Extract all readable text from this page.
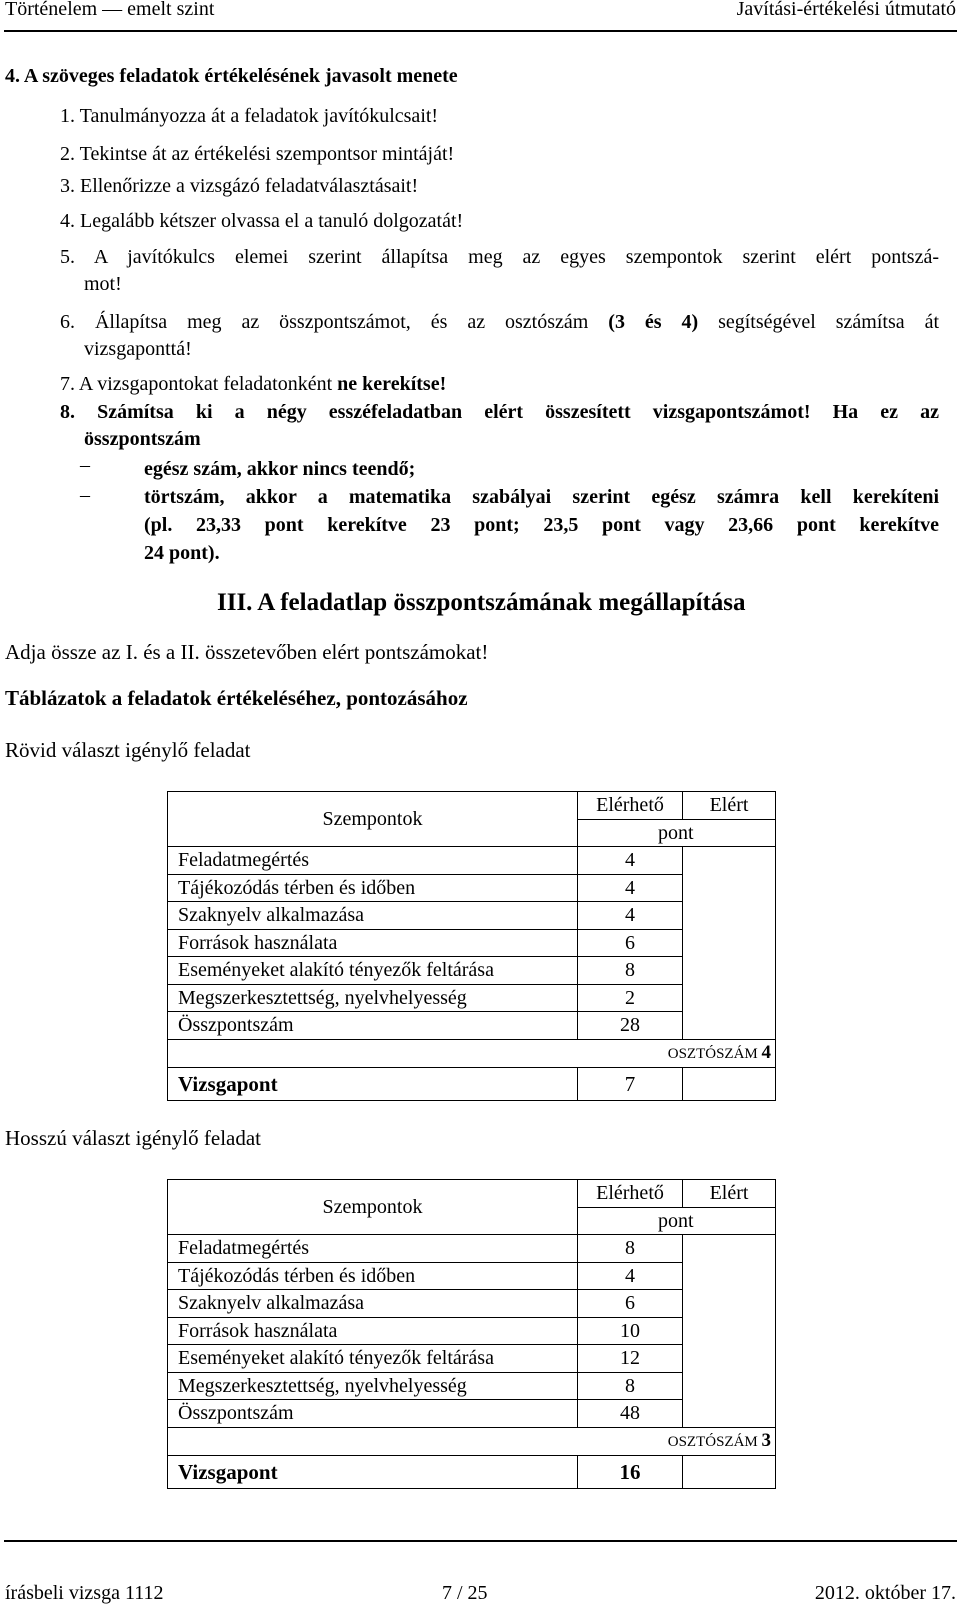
Történelem — emelt szint	Javítási-értékelési útmutató
4. A szöveges feladatok értékelésének javasolt menete
1. Tanulmányozza át a feladatok javítókulcsait!
2. Tekintse át az értékelési szempontsor mintáját!
3. Ellenőrizze a vizsgázó feladatválasztásait!
4. Legalább kétszer olvassa el a tanuló dolgozatát!
5. A javítókulcs elemei szerint állapítsa meg az egyes szempontok szerint elért pontszá-
mot!
6. Állapítsa meg az összpontszámot, és az osztószám (3 és 4) segítségével számítsa át
vizsgaponttá!
7. A vizsgapontokat feladatonként ne kerekítse!
8. Számítsa ki a négy esszéfeladatban elért összesített vizsgapontszámot! Ha ez az
összpontszám
–	egész szám, akkor nincs teendő;
–	törtszám, akkor a matematika szabályai szerint egész számra kell kerekíteni
(pl. 23,33 pont kerekítve 23 pont; 23,5 pont vagy 23,66 pont kerekítve
24 pont).
III. A feladatlap összpontszámának megállapítása
Adja össze az I. és a II. összetevőben elért pontszámokat!
Táblázatok a feladatok értékeléséhez, pontozásához
Rövid választ igénylő feladat
Szempontok	Elérhető	Elért
	pont	
Feladatmegértés	4	
Tájékozódás térben és időben	4	
Szaknyelv alkalmazása	4	
Források használata	6	
Eseményeket alakító tényezők feltárása	8	
Megszerkesztettség, nyelvhelyesség	2	
Összpontszám	28	
OSZTÓSZÁM 4		
Vizsgapont	7	
Hosszú választ igénylő feladat
Szempontok	Elérhető	Elért
	pont	
Feladatmegértés	8	
Tájékozódás térben és időben	4	
Szaknyelv alkalmazása	6	
Források használata	10	
Eseményeket alakító tényezők feltárása	12	
Megszerkesztettség, nyelvhelyesség	8	
Összpontszám	48	
OSZTÓSZÁM 3		
Vizsgapont	16	
írásbeli vizsga 1112	7 / 25	2012. október 17.
